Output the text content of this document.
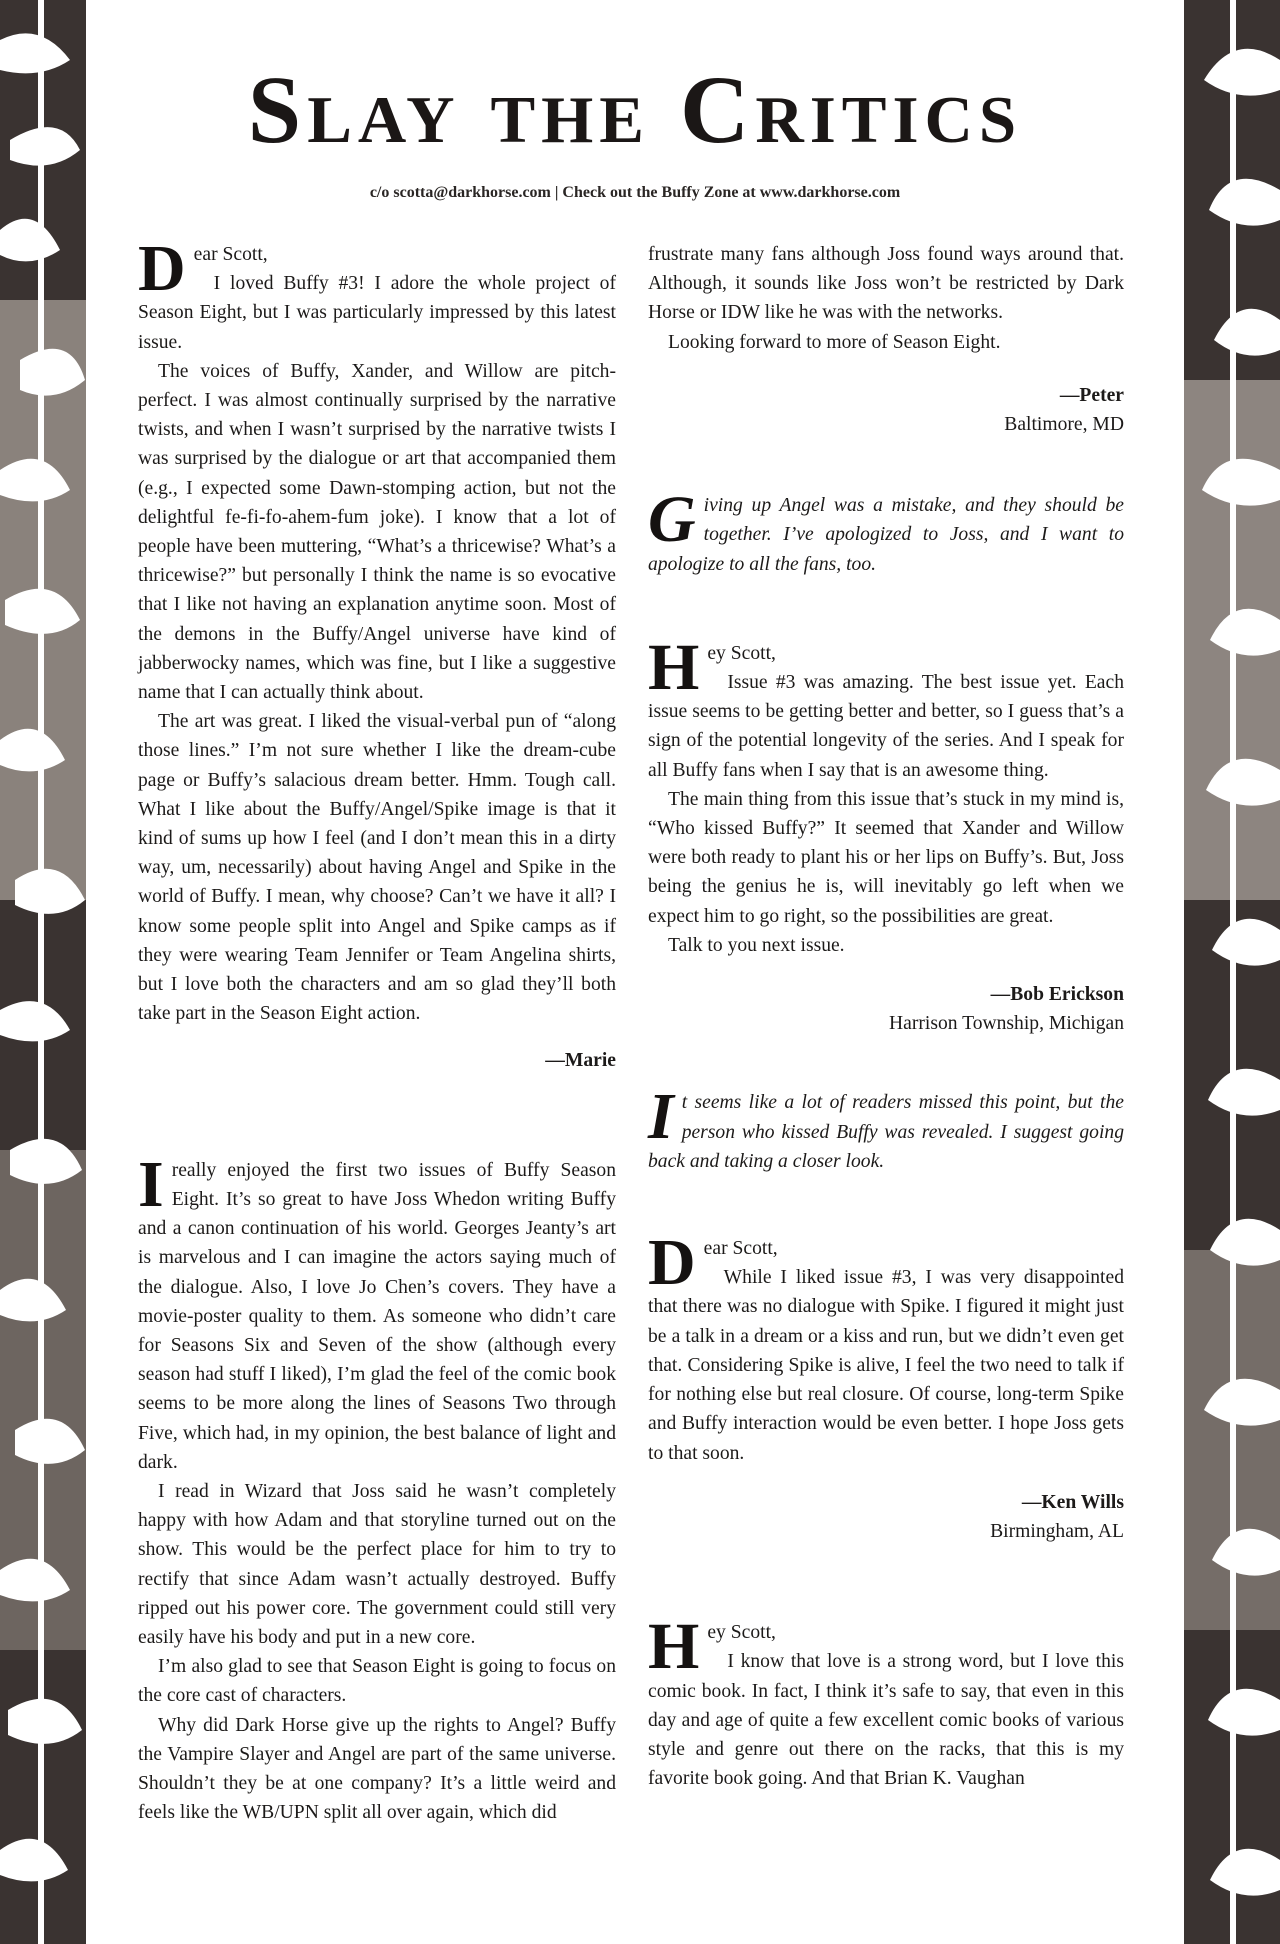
Slay the Critics
c/o scotta@darkhorse.com | Check out the Buffy Zone at www.darkhorse.com

Dear Scott,

I loved Buffy #3! I adore the whole project of Season Eight, but I was particularly impressed by this latest issue.

The voices of Buffy, Xander, and Willow are pitch-perfect. I was almost continually surprised by the narrative twists, and when I wasn’t surprised by the narrative twists I was surprised by the dialogue or art that accompanied them (e.g., I expected some Dawn-stomping action, but not the delightful fe-fi-fo-ahem-fum joke). I know that a lot of people have been muttering, “What’s a thricewise? What’s a thricewise?” but personally I think the name is so evocative that I like not having an explanation anytime soon. Most of the demons in the Buffy/Angel universe have kind of jabberwocky names, which was fine, but I like a suggestive name that I can actually think about.

The art was great. I liked the visual-verbal pun of “along those lines.” I’m not sure whether I like the dream-cube page or Buffy’s salacious dream better. Hmm. Tough call. What I like about the Buffy/Angel/Spike image is that it kind of sums up how I feel (and I don’t mean this in a dirty way, um, necessarily) about having Angel and Spike in the world of Buffy. I mean, why choose? Can’t we have it all? I know some people split into Angel and Spike camps as if they were wearing Team Jennifer or Team Angelina shirts, but I love both the characters and am so glad they’ll both take part in the Season Eight action.

—Marie

Ireally enjoyed the first two issues of Buffy Season Eight. It’s so great to have Joss Whedon writing Buffy and a canon continuation of his world. Georges Jeanty’s art is marvelous and I can imagine the actors saying much of the dialogue. Also, I love Jo Chen’s covers. They have a movie-poster quality to them. As someone who didn’t care for Seasons Six and Seven of the show (although every season had stuff I liked), I’m glad the feel of the comic book seems to be more along the lines of Seasons Two through Five, which had, in my opinion, the best balance of light and dark.

I read in Wizard that Joss said he wasn’t completely happy with how Adam and that storyline turned out on the show. This would be the perfect place for him to try to rectify that since Adam wasn’t actually destroyed. Buffy ripped out his power core. The government could still very easily have his body and put in a new core.

I’m also glad to see that Season Eight is going to focus on the core cast of characters.

Why did Dark Horse give up the rights to Angel? Buffy the Vampire Slayer and Angel are part of the same universe. Shouldn’t they be at one company? It’s a little weird and feels like the WB/UPN split all over again, which did

frustrate many fans although Joss found ways around that. Although, it sounds like Joss won’t be restricted by Dark Horse or IDW like he was with the networks.

Looking forward to more of Season Eight.

—Peter

Baltimore, MD

Giving up Angel was a mistake, and they should be together. I’ve apologized to Joss, and I want to apologize to all the fans, too.

Hey Scott,

Issue #3 was amazing. The best issue yet. Each issue seems to be getting better and better, so I guess that’s a sign of the potential longevity of the series. And I speak for all Buffy fans when I say that is an awesome thing.

The main thing from this issue that’s stuck in my mind is, “Who kissed Buffy?” It seemed that Xander and Willow were both ready to plant his or her lips on Buffy’s. But, Joss being the genius he is, will inevitably go left when we expect him to go right, so the possibilities are great.

Talk to you next issue.

—Bob Erickson

Harrison Township, Michigan

It seems like a lot of readers missed this point, but the person who kissed Buffy was revealed. I suggest going back and taking a closer look.

Dear Scott,

While I liked issue #3, I was very disappointed that there was no dialogue with Spike. I figured it might just be a talk in a dream or a kiss and run, but we didn’t even get that. Considering Spike is alive, I feel the two need to talk if for nothing else but real closure. Of course, long-term Spike and Buffy interaction would be even better. I hope Joss gets to that soon.

—Ken Wills

Birmingham, AL

Hey Scott,

I know that love is a strong word, but I love this comic book. In fact, I think it’s safe to say, that even in this day and age of quite a few excellent comic books of various style and genre out there on the racks, that this is my favorite book going. And that Brian K. Vaughan
